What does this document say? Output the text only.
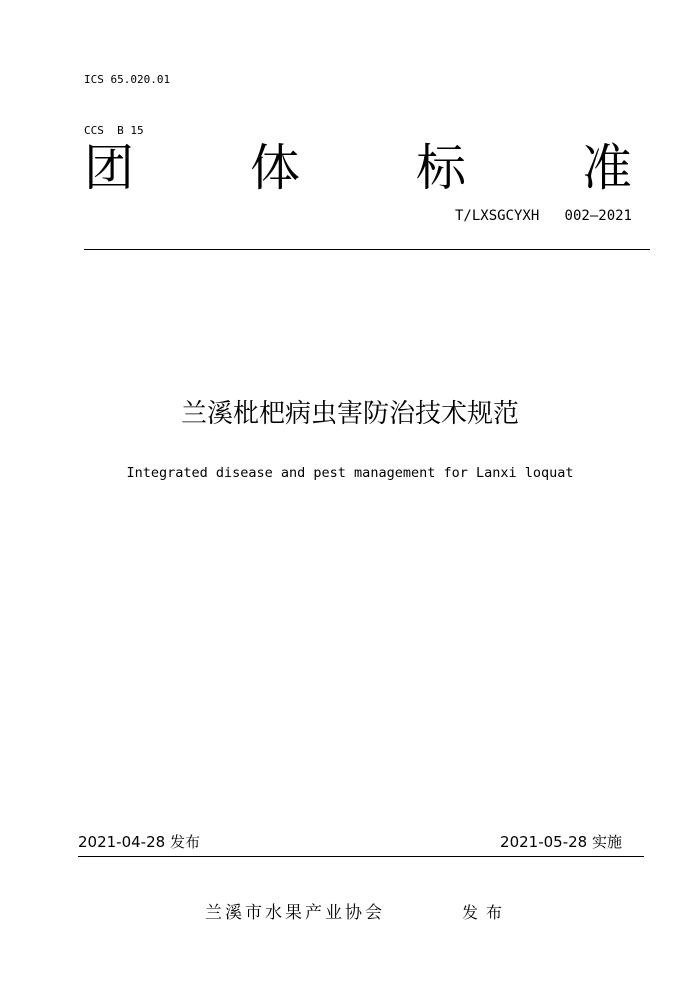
ICS 65.020.01

CCS  B 15

团 体 标 准
T/LXSGCYXH   002—2021
兰溪枇杷病虫害防治技术规范
Integrated disease and pest management for Lanxi loquat
2021-04-28 发布	2021-05-28 实施
兰溪市水果产业协会	发布
